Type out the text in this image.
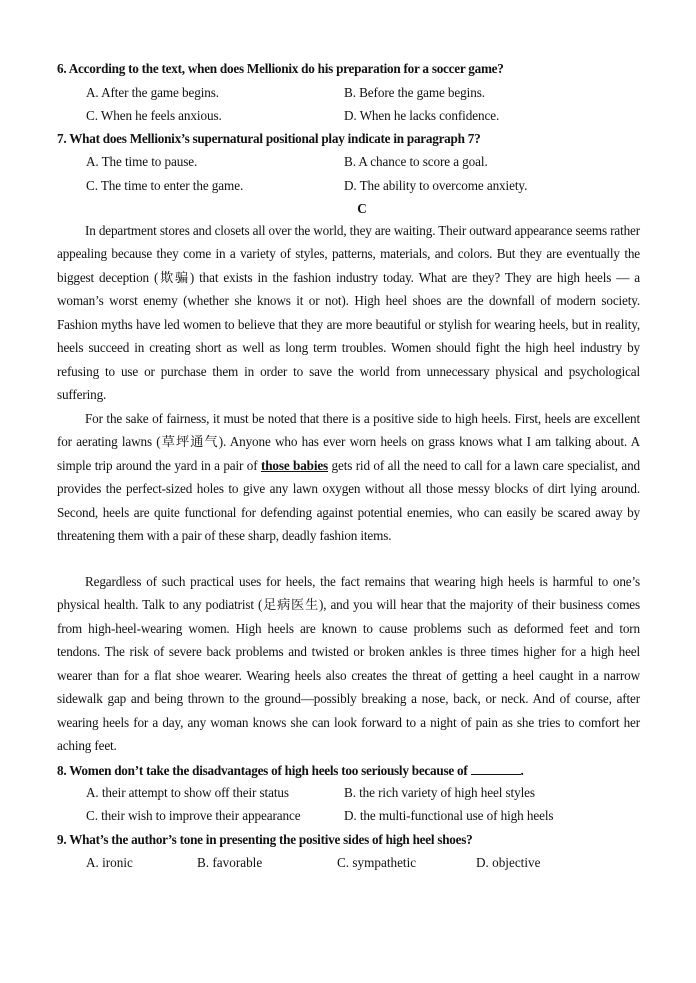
6. According to the text, when does Mellionix do his preparation for a soccer game?
A. After the game begins.	B. Before the game begins.
C. When he feels anxious.	D. When he lacks confidence.
7. What does Mellionix’s supernatural positional play indicate in paragraph 7?
A. The time to pause.	B. A chance to score a goal.
C. The time to enter the game.	D. The ability to overcome anxiety.
C

In department stores and closets all over the world, they are waiting. Their outward appearance seems rather appealing because they come in a variety of styles, patterns, materials, and colors. But they are eventually the biggest deception (欺骗) that exists in the fashion industry today. What are they? They are high heels — a woman’s worst enemy (whether she knows it or not). High heel shoes are the downfall of modern society. Fashion myths have led women to believe that they are more beautiful or stylish for wearing heels, but in reality, heels succeed in creating short as well as long term troubles. Women should fight the high heel industry by refusing to use or purchase them in order to save the world from unnecessary physical and psychological suffering.

For the sake of fairness, it must be noted that there is a positive side to high heels. First, heels are excellent for aerating lawns (草坪通气). Anyone who has ever worn heels on grass knows what I am talking about. A simple trip around the yard in a pair of those babies gets rid of all the need to call for a lawn care specialist, and provides the perfect-sized holes to give any lawn oxygen without all those messy blocks of dirt lying around. Second, heels are quite functional for defending against potential enemies, who can easily be scared away by threatening them with a pair of these sharp, deadly fashion items.

Regardless of such practical uses for heels, the fact remains that wearing high heels is harmful to one’s physical health. Talk to any podiatrist (足病医生), and you will hear that the majority of their business comes from high-heel-wearing women. High heels are known to cause problems such as deformed feet and torn tendons. The risk of severe back problems and twisted or broken ankles is three times higher for a high heel wearer than for a flat shoe wearer. Wearing heels also creates the threat of getting a heel caught in a narrow sidewalk gap and being thrown to the ground—possibly breaking a nose, back, or neck. And of course, after wearing heels for a day, any woman knows she can look forward to a night of pain as she tries to comfort her aching feet.

8. Women don’t take the disadvantages of high heels too seriously because of	.
A. their attempt to show off their status	B. the rich variety of high heel styles
C. their wish to improve their appearance	D. the multi-functional use of high heels
9. What’s the author’s tone in presenting the positive sides of high heel shoes?
A. ironic	B. favorable	C. sympathetic	D. objective
